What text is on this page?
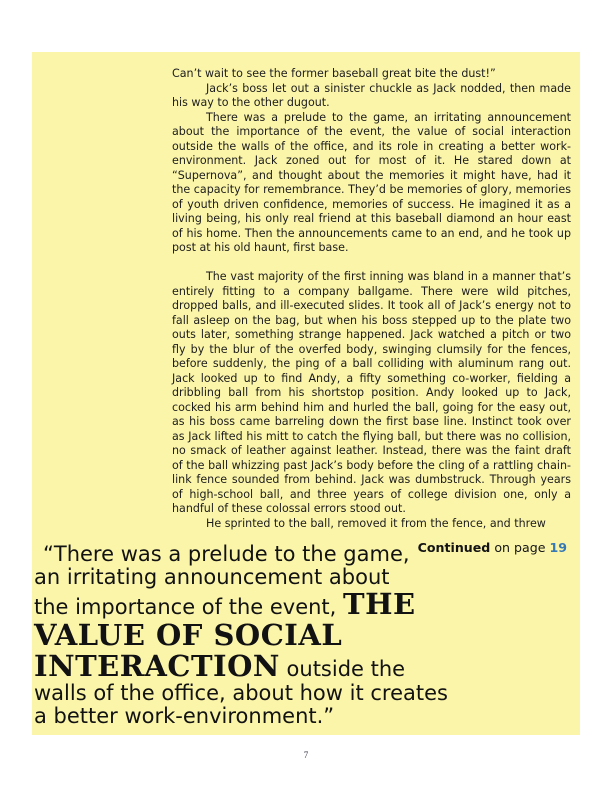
Can’t wait to see the former baseball great bite the dust!”

Jack’s boss let out a sinister chuckle as Jack nodded, then made his way to the other dugout.

There was a prelude to the game, an irritating announcement about the importance of the event, the value of social interaction outside the walls of the office, and its role in creating a better work-environment. Jack zoned out for most of it. He stared down at “Supernova”, and thought about the memories it might have, had it the capacity for remembrance. They’d be memories of glory, memories of youth driven confidence, memories of success. He imagined it as a living being, his only real friend at this baseball diamond an hour east of his home. Then the announcements came to an end, and he took up post at his old haunt, first base.

The vast majority of the first inning was bland in a manner that’s entirely fitting to a company ballgame. There were wild pitches, dropped balls, and ill-executed slides. It took all of Jack’s energy not to fall asleep on the bag, but when his boss stepped up to the plate two outs later, something strange happened. Jack watched a pitch or two fly by the blur of the overfed body, swinging clumsily for the fences, before suddenly, the ping of a ball colliding with aluminum rang out. Jack looked up to find Andy, a fifty something co-worker, fielding a dribbling ball from his shortstop position. Andy looked up to Jack, cocked his arm behind him and hurled the ball, going for the easy out, as his boss came barreling down the first base line. Instinct took over as Jack lifted his mitt to catch the flying ball, but there was no collision, no smack of leather against leather. Instead, there was the faint draft of the ball whizzing past Jack’s body before the cling of a rattling chain-link fence sounded from behind. Jack was dumbstruck. Through years of high-school ball, and three years of college division one, only a handful of these colossal errors stood out.

He sprinted to the ball, removed it from the fence, and threw

Continued on page 19
“There was a prelude to the game,
an irritating announcement about
the importance of the event, THE
VALUE OF SOCIAL
INTERACTION outside the
walls of the office, about how it creates
a better work-environment.”
7
